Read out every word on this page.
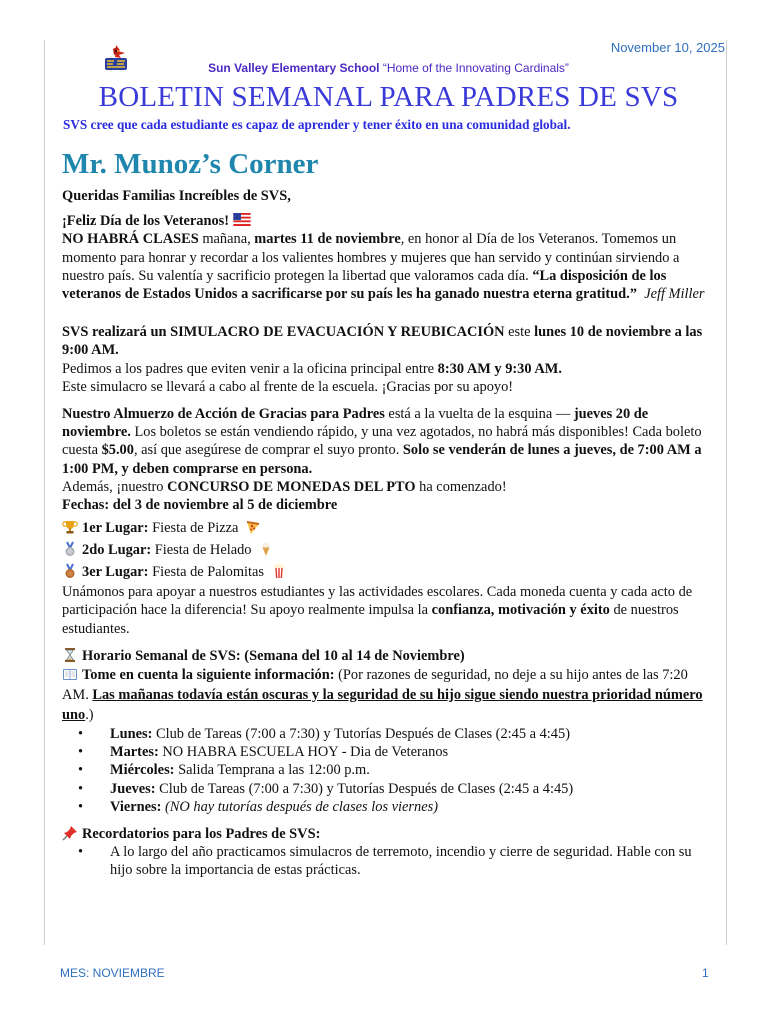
November 10, 2025
Sun Valley Elementary School “Home of the Innovating Cardinals”
BOLETIN SEMANAL PARA PADRES DE SVS
SVS cree que cada estudiante es capaz de aprender y tener éxito en una comunidad global.
Mr. Munoz’s Corner

Queridas Familias Increíbles de SVS,

¡Feliz Día de los Veteranos!

NO HABRÁ CLASES mañana, martes 11 de noviembre, en honor al Día de los Veteranos. Tomemos un momento para honrar y recordar a los valientes hombres y mujeres que han servido y continúan sirviendo a nuestro país. Su valentía y sacrificio protegen la libertad que valoramos cada día. “La disposición de los veteranos de Estados Unidos a sacrificarse por su país les ha ganado nuestra eterna gratitud.” Jeff Miller

SVS realizará un SIMULACRO DE EVACUACIÓN Y REUBICACIÓN este lunes 10 de noviembre a las 9:00 AM.

Pedimos a los padres que eviten venir a la oficina principal entre 8:30 AM y 9:30 AM.

Este simulacro se llevará a cabo al frente de la escuela. ¡Gracias por su apoyo!

Nuestro Almuerzo de Acción de Gracias para Padres está a la vuelta de la esquina — jueves 20 de noviembre. Los boletos se están vendiendo rápido, y una vez agotados, no habrá más disponibles! Cada boleto cuesta $5.00, así que asegúrese de comprar el suyo pronto. Solo se venderán de lunes a jueves, de 7:00 AM a 1:00 PM, y deben comprarse en persona.

Además, ¡nuestro CONCURSO DE MONEDAS DEL PTO ha comenzado!

Fechas: del 3 de noviembre al 5 de diciembre

1er Lugar: Fiesta de Pizza
2do Lugar: Fiesta de Helado
3er Lugar: Fiesta de Palomitas

Unámonos para apoyar a nuestros estudiantes y las actividades escolares. Cada moneda cuenta y cada acto de participación hace la diferencia! Su apoyo realmente impulsa la confianza, motivación y éxito de nuestros estudiantes.

Horario Semanal de SVS: (Semana del 10 al 14 de Noviembre)

Tome en cuenta la siguiente información: (Por razones de seguridad, no deje a su hijo antes de las 7:20 AM. Las mañanas todavía están oscuras y la seguridad de su hijo sigue siendo nuestra prioridad número uno.)

• Lunes: Club de Tareas (7:00 a 7:30) y Tutorías Después de Clases (2:45 a 4:45)
• Martes: NO HABRA ESCUELA HOY - Dia de Veteranos
• Miércoles: Salida Temprana a las 12:00 p.m.
• Jueves: Club de Tareas (7:00 a 7:30) y Tutorías Después de Clases (2:45 a 4:45)
• Viernes: (NO hay tutorías después de clases los viernes)

Recordatorios para los Padres de SVS:

• A lo largo del año practicamos simulacros de terremoto, incendio y cierre de seguridad. Hable con su hijo sobre la importancia de estas prácticas.
MES: NOVIEMBRE	1
